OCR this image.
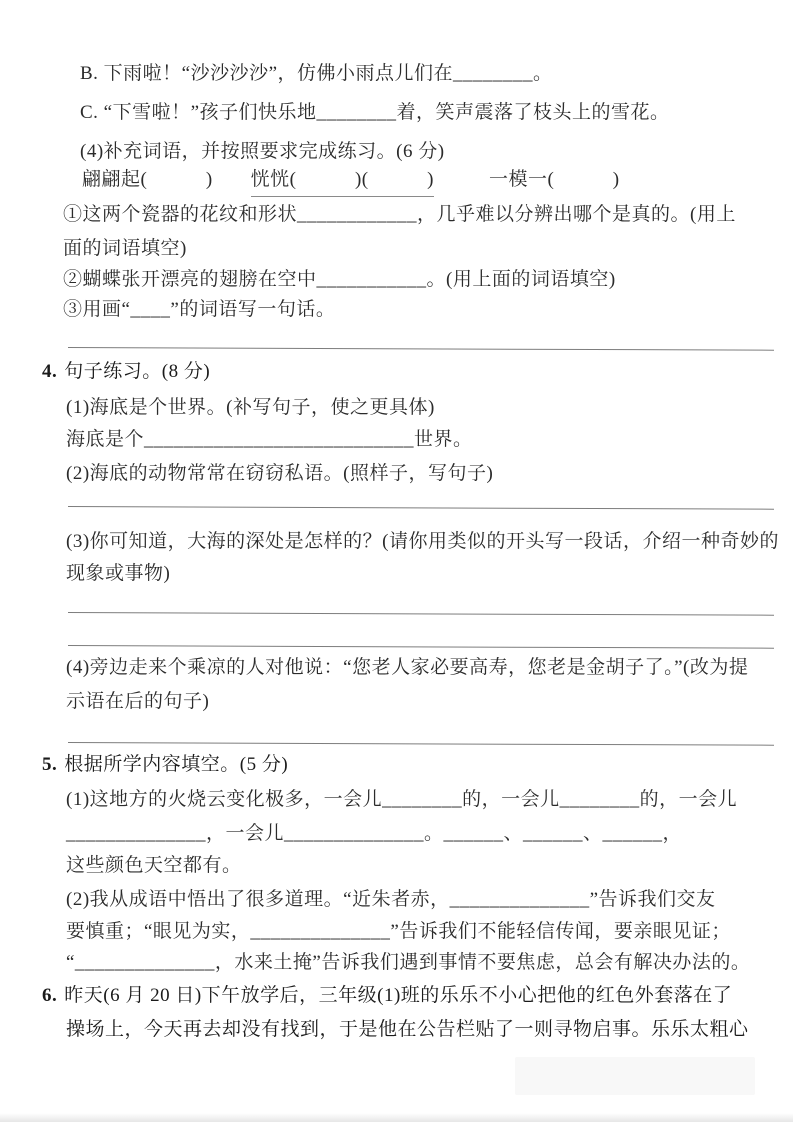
B. 下雨啦！“沙沙沙沙”，仿佛小雨点儿们在________。
C. “下雪啦！”孩子们快乐地________着，笑声震落了枝头上的雪花。
(4)补充词语，并按照要求完成练习。(6 分)
翩翩起(　　　) 恍恍(　　　)(　　　)	一模一(　　　)
①这两个瓷器的花纹和形状____________，几乎难以分辨出哪个是真的。(用上
面的词语填空)
②蝴蝶张开漂亮的翅膀在空中___________。(用上面的词语填空)
③用画“____”的词语写一句话。
4. 句子练习。(8 分)
(1)海底是个世界。(补写句子，使之更具体)
海底是个___________________________世界。
(2)海底的动物常常在窃窃私语。(照样子，写句子)
(3)你可知道，大海的深处是怎样的？(请你用类似的开头写一段话，介绍一种奇妙的
现象或事物)
(4)旁边走来个乘凉的人对他说：“您老人家必要高寿，您老是金胡子了。”(改为提
示语在后的句子)
5. 根据所学内容填空。(5 分)
(1)这地方的火烧云变化极多，一会儿________的，一会儿________的，一会儿
______________，一会儿______________。______、______、______，
这些颜色天空都有。
(2)我从成语中悟出了很多道理。“近朱者赤，______________”告诉我们交友
要慎重；“眼见为实，______________”告诉我们不能轻信传闻，要亲眼见证；
“______________，水来土掩”告诉我们遇到事情不要焦虑，总会有解决办法的。
6. 昨天(6 月 20 日)下午放学后，三年级(1)班的乐乐不小心把他的红色外套落在了
操场上，今天再去却没有找到，于是他在公告栏贴了一则寻物启事。乐乐太粗心
